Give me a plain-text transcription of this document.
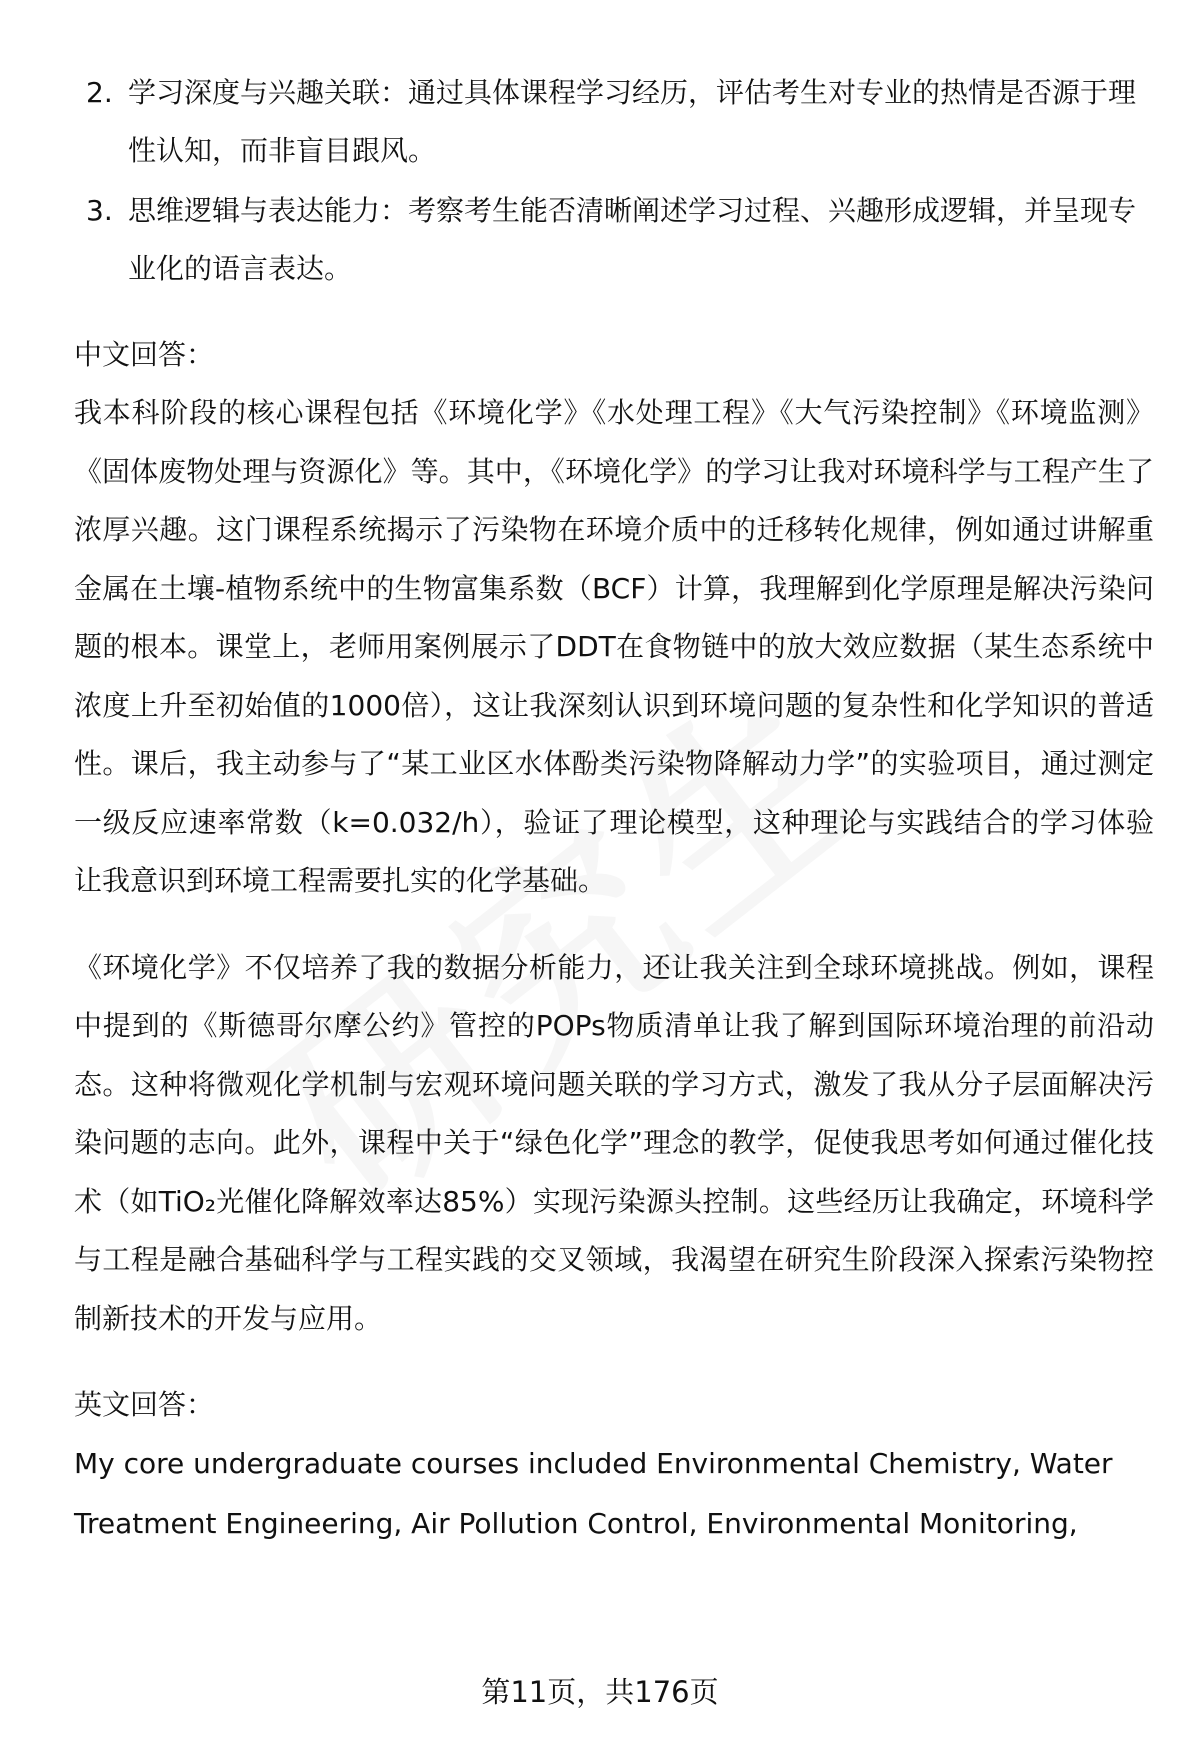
2. 学习深度与兴趣关联：通过具体课程学习经历，评估考生对专业的热情是否源于理性认知，而非盲目跟风。
3. 思维逻辑与表达能力：考察考生能否清晰阐述学习过程、兴趣形成逻辑，并呈现专业化的语言表达。
中文回答：

我本科阶段的核心课程包括《环境化学》《水处理工程》《大气污染控制》《环境监测》《固体废物处理与资源化》等。其中，《环境化学》的学习让我对环境科学与工程产生了浓厚兴趣。这门课程系统揭示了污染物在环境介质中的迁移转化规律，例如通过讲解重金属在土壤-植物系统中的生物富集系数（BCF）计算，我理解到化学原理是解决污染问题的根本。课堂上，老师用案例展示了DDT在食物链中的放大效应数据（某生态系统中浓度上升至初始值的1000倍），这让我深刻认识到环境问题的复杂性和化学知识的普适性。课后，我主动参与了“某工业区水体酚类污染物降解动力学”的实验项目，通过测定一级反应速率常数（k=0.032/h），验证了理论模型，这种理论与实践结合的学习体验让我意识到环境工程需要扎实的化学基础。

《环境化学》不仅培养了我的数据分析能力，还让我关注到全球环境挑战。例如，课程中提到的《斯德哥尔摩公约》管控的POPs物质清单让我了解到国际环境治理的前沿动态。这种将微观化学机制与宏观环境问题关联的学习方式，激发了我从分子层面解决污染问题的志向。此外，课程中关于“绿色化学”理念的教学，促使我思考如何通过催化技术（如TiO₂光催化降解效率达85%）实现污染源头控制。这些经历让我确定，环境科学与工程是融合基础科学与工程实践的交叉领域，我渴望在研究生阶段深入探索污染物控制新技术的开发与应用。

英文回答：

My core undergraduate courses included Environmental Chemistry, Water

Treatment Engineering, Air Pollution Control, Environmental Monitoring,

第11页，共176页
